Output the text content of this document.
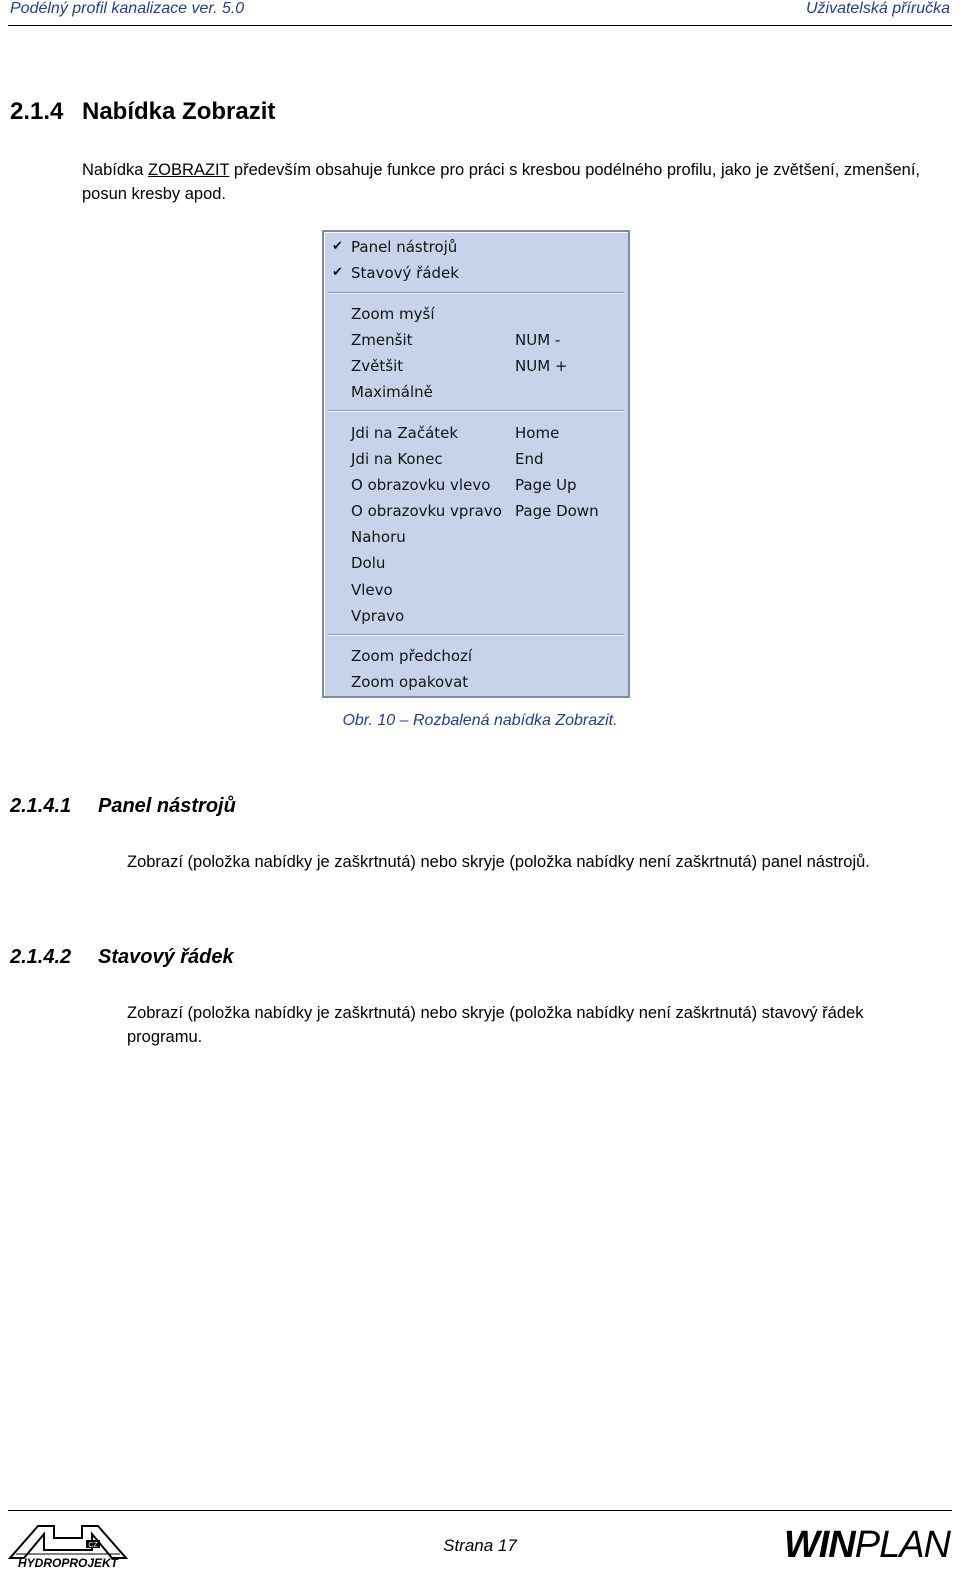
Podélný profil kanalizace ver. 5.0	Uživatelská příručka
2.1.4 Nabídka Zobrazit
Nabídka ZOBRAZIT především obsahuje funkce pro práci s kresbou podélného profilu, jako je zvětšení, zmenšení, posun kresby apod.
✔ Panel nástrojů
✔ Stavový řádek
Zoom myší
Zmenšit	NUM -
Zvětšit	NUM +
Maximálně
Jdi na Začátek	Home
Jdi na Konec	End
O obrazovku vlevo Page Up
O obrazovku vpravo Page Down
Nahoru
Dolu
Vlevo
Vpravo
Zoom předchozí
Zoom opakovat
Obr. 10 – Rozbalená nabídka Zobrazit.
2.1.4.1 Panel nástrojů
Zobrazí (položka nabídky je zaškrtnutá) nebo skryje (položka nabídky není zaškrtnutá) panel nástrojů.
2.1.4.2 Stavový řádek
Zobrazí (položka nabídky je zaškrtnutá) nebo skryje (položka nabídky není zaškrtnutá) stavový řádek programu.
CZ
HYDROPROJEKT
Strana 17	WINPLAN
